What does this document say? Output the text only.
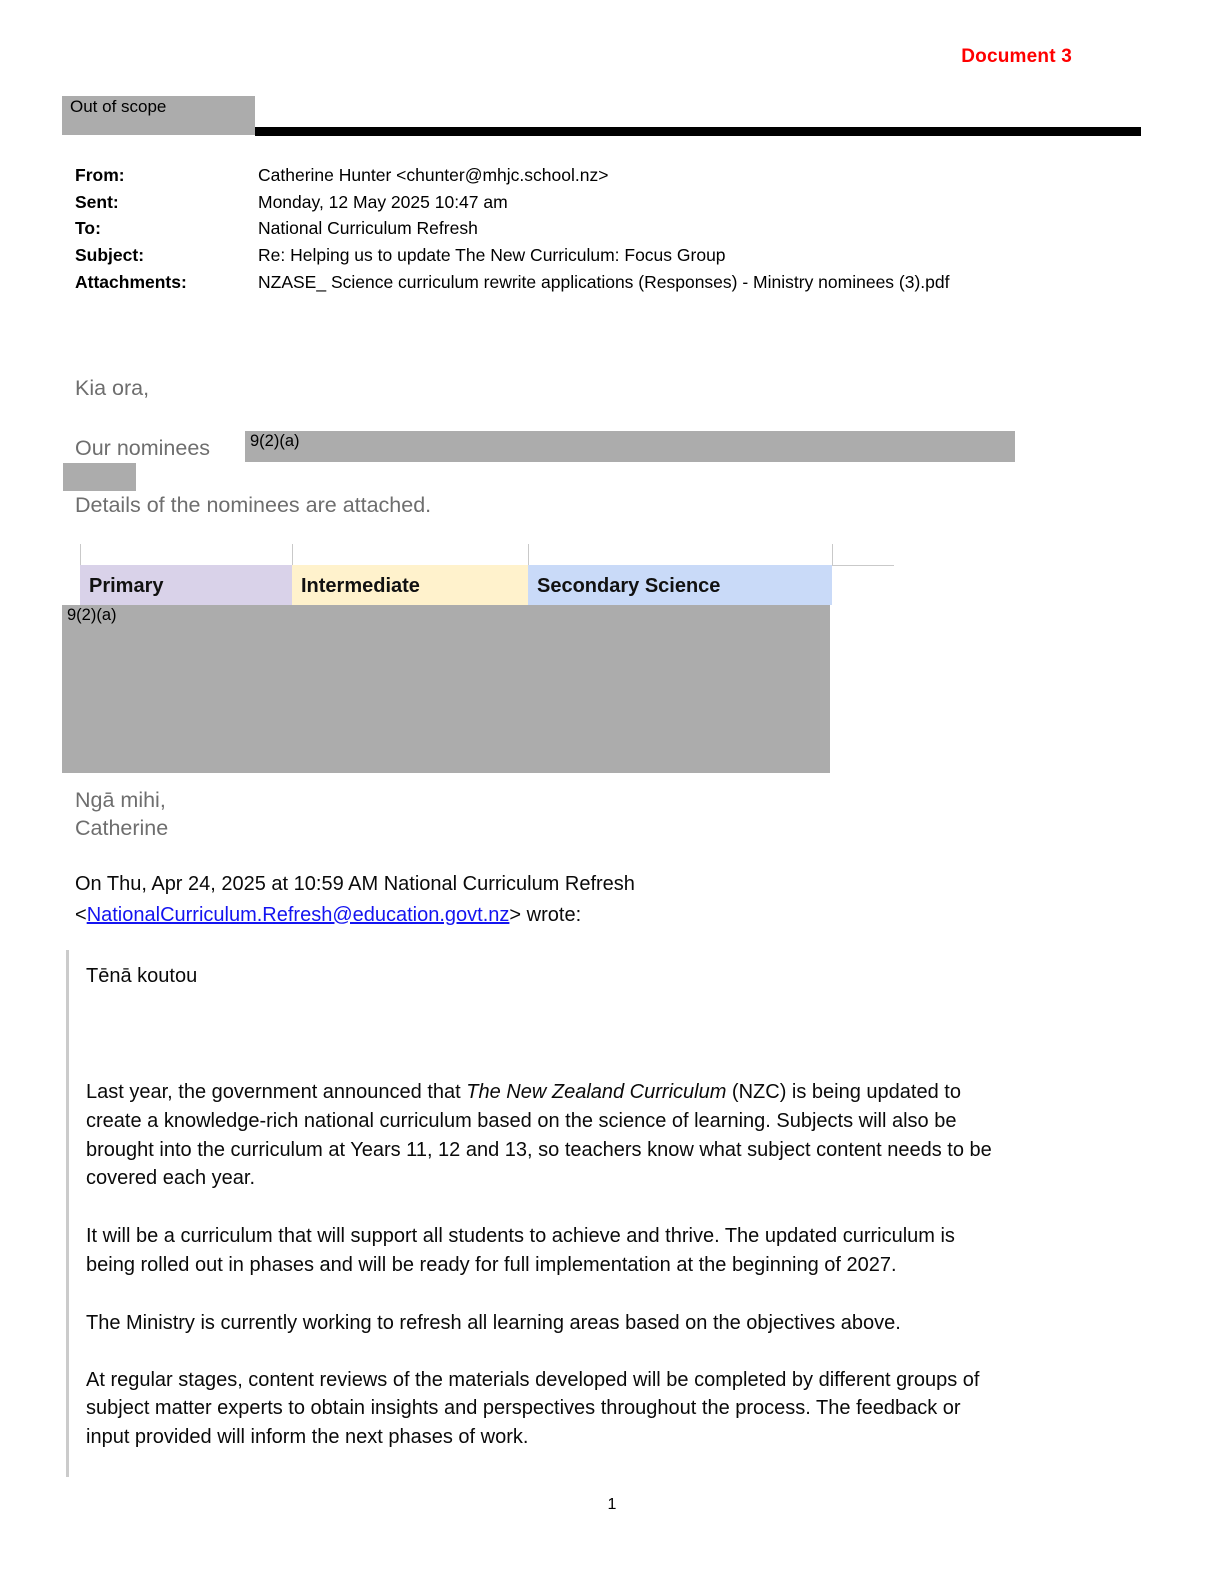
Document 3
Out of scope
From:	Catherine Hunter <chunter@mhjc.school.nz>
Sent:	Monday, 12 May 2025 10:47 am
To:	National Curriculum Refresh
Subject:	Re: Helping us to update The New Curriculum: Focus Group
Attachments:	NZASE_ Science curriculum rewrite applications (Responses) - Ministry nominees (3).pdf
Kia ora,
Our nominees	9(2)(a)
Details of the nominees are attached.
Primary	Intermediate	Secondary Science
9(2)(a)
Ngā mihi,
Catherine
On Thu, Apr 24, 2025 at 10:59 AM National Curriculum Refresh
<NationalCurriculum.Refresh@education.govt.nz> wrote:
Tēnā koutou
Last year, the government announced that The New Zealand Curriculum (NZC) is being updated to
create a knowledge-rich national curriculum based on the science of learning. Subjects will also be
brought into the curriculum at Years 11, 12 and 13, so teachers know what subject content needs to be
covered each year.
It will be a curriculum that will support all students to achieve and thrive. The updated curriculum is
being rolled out in phases and will be ready for full implementation at the beginning of 2027.
The Ministry is currently working to refresh all learning areas based on the objectives above.
At regular stages, content reviews of the materials developed will be completed by different groups of
subject matter experts to obtain insights and perspectives throughout the process. The feedback or
input provided will inform the next phases of work.
1
